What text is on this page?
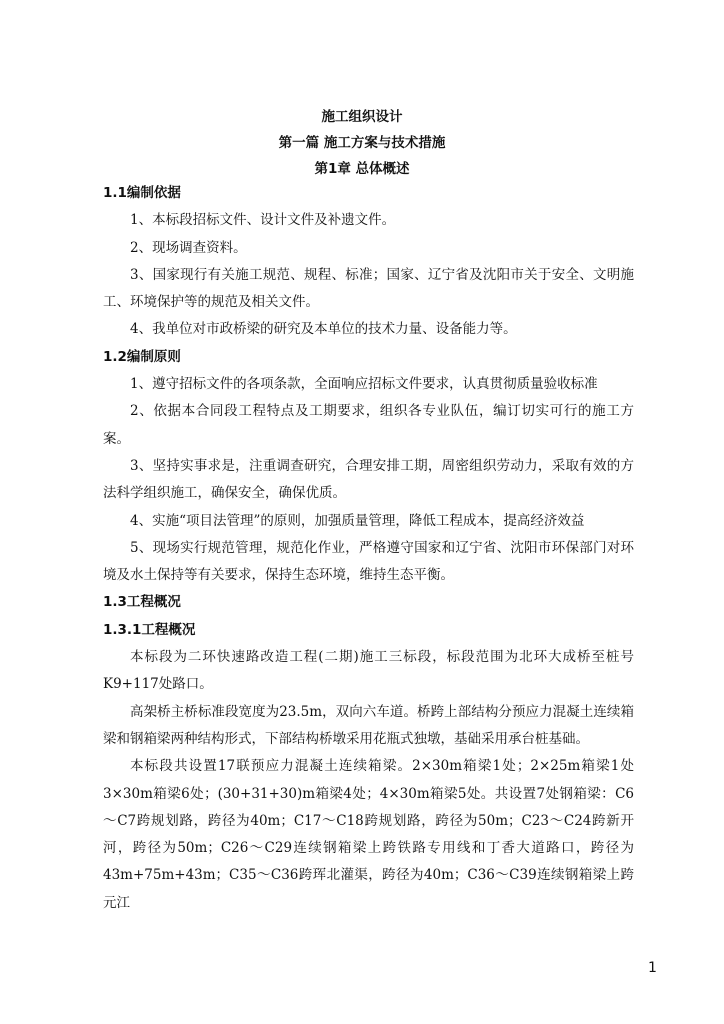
施工组织设计

第一篇 施工方案与技术措施

第1章 总体概述

1.1编制依据

1、本标段招标文件、设计文件及补遗文件。

2、现场调查资料。

3、国家现行有关施工规范、规程、标准；国家、辽宁省及沈阳市关于安全、文明施工、环境保护等的规范及相关文件。

4、我单位对市政桥梁的研究及本单位的技术力量、设备能力等。

1.2编制原则

1、遵守招标文件的各项条款，全面响应招标文件要求，认真贯彻质量验收标准

2、依据本合同段工程特点及工期要求，组织各专业队伍，编订切实可行的施工方案。

3、坚持实事求是，注重调查研究，合理安排工期，周密组织劳动力，采取有效的方法科学组织施工，确保安全，确保优质。

4、实施“项目法管理”的原则，加强质量管理，降低工程成本，提高经济效益

5、现场实行规范管理，规范化作业，严格遵守国家和辽宁省、沈阳市环保部门对环境及水土保持等有关要求，保持生态环境，维持生态平衡。

1.3工程概况

1.3.1工程概况

本标段为二环快速路改造工程(二期)施工三标段，标段范围为北环大成桥至桩号K9+117处路口。

高架桥主桥标准段宽度为23.5m，双向六车道。桥跨上部结构分预应力混凝土连续箱梁和钢箱梁两种结构形式，下部结构桥墩采用花瓶式独墩，基础采用承台桩基础。

本标段共设置17联预应力混凝土连续箱梁。2×30m箱梁1处；2×25m箱梁1处3×30m箱梁6处；(30+31+30)m箱梁4处；4×30m箱梁5处。共设置7处钢箱梁：C6～C7跨规划路，跨径为40m；C17～C18跨规划路，跨径为50m；C23～C24跨新开河，跨径为50m；C26～C29连续钢箱梁上跨铁路专用线和丁香大道路口，跨径为43m+75m+43m；C35～C36跨珲北灌渠，跨径为40m；C36～C39连续钢箱梁上跨元江

1
